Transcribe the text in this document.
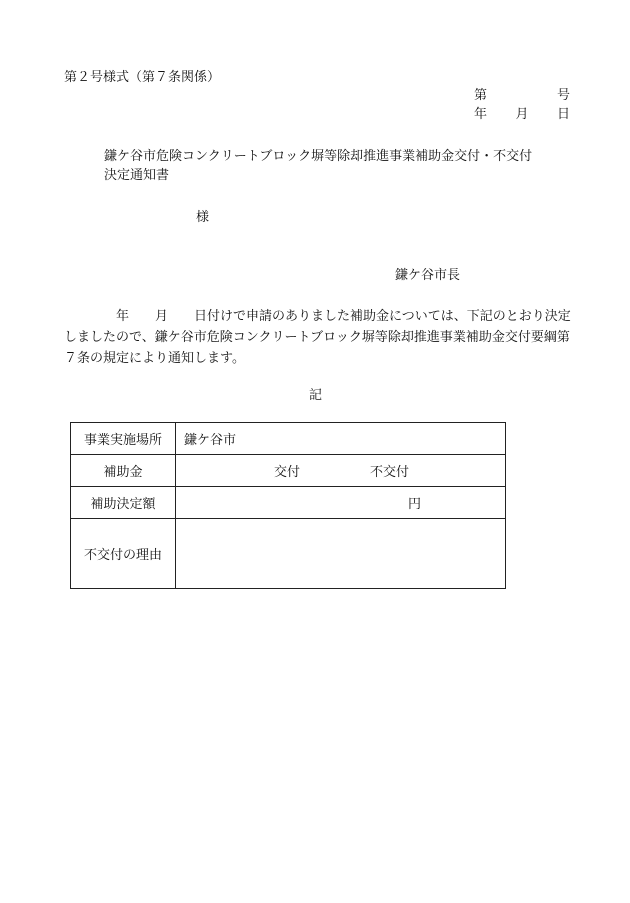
第２号様式（第７条関係）
第	号
年 月 日
鎌ケ谷市危険コンクリートブロック塀等除却推進事業補助金交付・不交付
決定通知書
様
鎌ケ谷市長
年 月 日付けで申請のありました補助金については、下記のとおり決定しましたので、鎌ケ谷市危険コンクリートブロック塀等除却推進事業補助金交付要綱第７条の規定により通知します。
記
事業実施場所	鎌ケ谷市
補助金	交付 不交付

補助決定額	円
不交付の理由	
